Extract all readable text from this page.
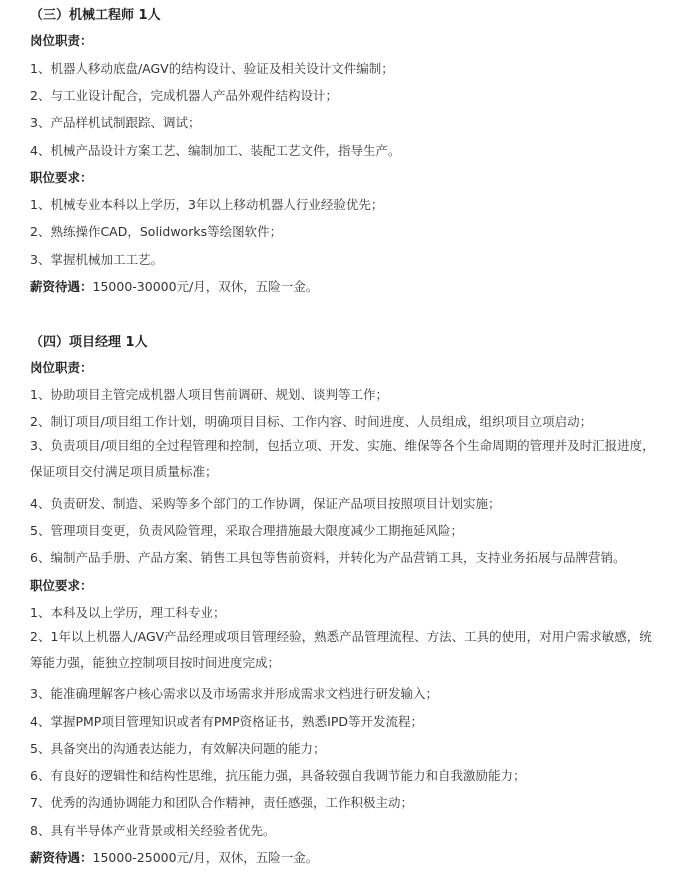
（三）机械工程师 1人
岗位职责：
1、机器人移动底盘/AGV的结构设计、验证及相关设计文件编制；
2、与工业设计配合，完成机器人产品外观件结构设计；
3、产品样机试制跟踪、调试；
4、机械产品设计方案工艺、编制加工、装配工艺文件，指导生产。
职位要求：
1、机械专业本科以上学历，3年以上移动机器人行业经验优先；
2、熟练操作CAD，Solidworks等绘图软件；
3、掌握机械加工工艺。
薪资待遇：15000-30000元/月，双休，五险一金。
（四）项目经理 1人
岗位职责：
1、协助项目主管完成机器人项目售前调研、规划、谈判等工作；
2、制订项目/项目组工作计划，明确项目目标、工作内容、时间进度、人员组成，组织项目立项启动；
3、负责项目/项目组的全过程管理和控制，包括立项、开发、实施、维保等各个生命周期的管理并及时汇报进度，保证项目交付满足项目质量标准；
4、负责研发、制造、采购等多个部门的工作协调，保证产品项目按照项目计划实施；
5、管理项目变更，负责风险管理，采取合理措施最大限度减少工期拖延风险；
6、编制产品手册、产品方案、销售工具包等售前资料，并转化为产品营销工具，支持业务拓展与品牌营销。
职位要求：
1、本科及以上学历，理工科专业；
2、1年以上机器人/AGV产品经理或项目管理经验，熟悉产品管理流程、方法、工具的使用，对用户需求敏感，统筹能力强，能独立控制项目按时间进度完成；
3、能准确理解客户核心需求以及市场需求并形成需求文档进行研发输入；
4、掌握PMP项目管理知识或者有PMP资格证书，熟悉IPD等开发流程；
5、具备突出的沟通表达能力，有效解决问题的能力；
6、有良好的逻辑性和结构性思维，抗压能力强，具备较强自我调节能力和自我激励能力；
7、优秀的沟通协调能力和团队合作精神，责任感强，工作积极主动；
8、具有半导体产业背景或相关经验者优先。
薪资待遇：15000-25000元/月，双休，五险一金。
